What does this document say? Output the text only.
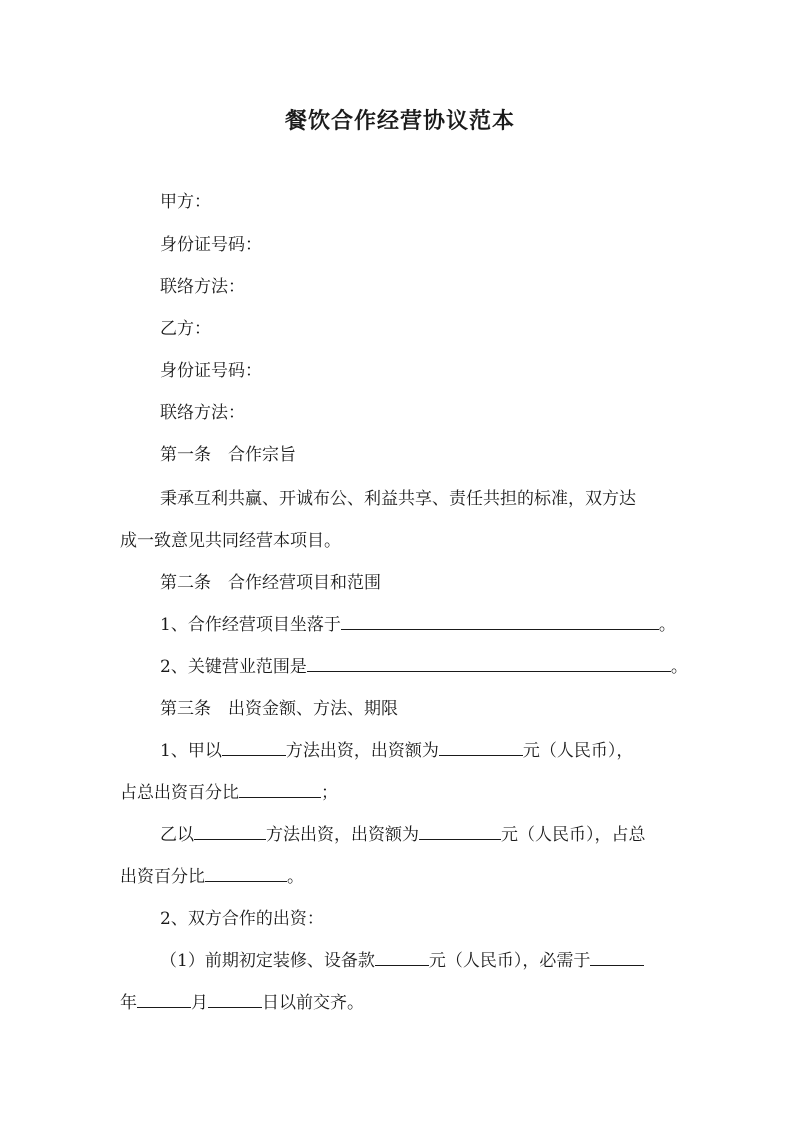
餐饮合作经营协议范本
甲方：
身份证号码：
联络方法：
乙方：
身份证号码：
联络方法：
第一条　合作宗旨
秉承互利共赢、开诚布公、利益共享、责任共担的标准，双方达
成一致意见共同经营本项目。
第二条　合作经营项目和范围
1、合作经营项目坐落于	。
2、关键营业范围是	。
第三条　出资金额、方法、期限
1、甲以	方法出资，出资额为	元（人民币），
占总出资百分比	；
乙以	方法出资，出资额为	元（人民币），占总
出资百分比	。
2、双方合作的出资：
（1）前期初定装修、设备款	元（人民币），必需于
年	月	日以前交齐。
